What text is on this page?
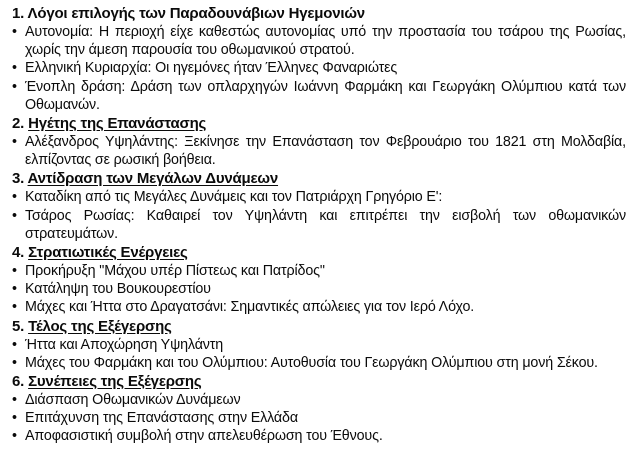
1. Λόγοι επιλογής των Παραδουνάβιων Ηγεμονιών
• Αυτονομία: Η περιοχή είχε καθεστώς αυτονομίας υπό την προστασία του τσάρου της Ρωσίας, χωρίς την άμεση παρουσία του οθωμανικού στρατού.
• Ελληνική Κυριαρχία: Οι ηγεμόνες ήταν Έλληνες Φαναριώτες
• Ένοπλη δράση: Δράση των οπλαρχηγών Ιωάννη Φαρμάκη και Γεωργάκη Ολύμπιου κατά των Οθωμανών.
2. Ηγέτης της Επανάστασης
• Αλέξανδρος Υψηλάντης: Ξεκίνησε την Επανάσταση τον Φεβρουάριο του 1821 στη Μολδαβία, ελπίζοντας σε ρωσική βοήθεια.
3. Αντίδραση των Μεγάλων Δυνάμεων
• Καταδίκη από τις Μεγάλες Δυνάμεις και τον Πατριάρχη Γρηγόριο Ε':
• Τσάρος Ρωσίας: Καθαιρεί τον Υψηλάντη και επιτρέπει την εισβολή των οθωμανικών στρατευμάτων.
4. Στρατιωτικές Ενέργειες
• Προκήρυξη "Μάχου υπέρ Πίστεως και Πατρίδος"
• Κατάληψη του Βουκουρεστίου
• Μάχες και Ήττα στο Δραγατσάνι: Σημαντικές απώλειες για τον Ιερό Λόχο.
5. Τέλος της Εξέγερσης
• Ήττα και Αποχώρηση Υψηλάντη
• Μάχες του Φαρμάκη και του Ολύμπιου: Αυτοθυσία του Γεωργάκη Ολύμπιου στη μονή Σέκου.
6. Συνέπειες της Εξέγερσης
• Διάσπαση Οθωμανικών Δυνάμεων
• Επιτάχυνση της Επανάστασης στην Ελλάδα
• Αποφασιστική συμβολή στην απελευθέρωση του Έθνους.
